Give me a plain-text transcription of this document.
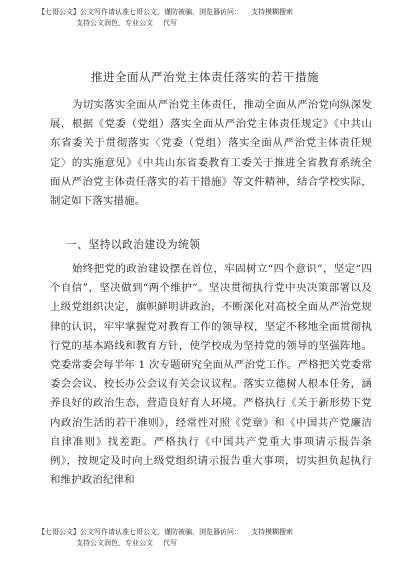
【七哥公文】公文写作请认准七哥公文，谨防被骗，浏览器访问： 支持模糊搜索
支持公文润色，专业公文 代写
推进全面从严治党主体责任落实的若干措施
为切实落实全面从严治党主体责任，推动全面从严治党向纵深发展，根据《党委（党组）落实全面从严治党主体责任规定》《中共山东省委关于贯彻落实〈党委（党组）落实全面从严治党主体责任规定〉的实施意见》《中共山东省委教育工委关于推进全省教育系统全面从严治党主体责任落实的若干措施》等文件精神，结合学校实际，制定如下落实措施。
一、坚持以政治建设为统领
始终把党的政治建设摆在首位，牢固树立“四个意识”，坚定“四个自信”，坚决做到“两个维护”。坚决贯彻执行党中央决策部署以及上级党组织决定，旗帜鲜明讲政治，不断深化对高校全面从严治党规律的认识，牢牢掌握党对教育工作的领导权，坚定不移地全面贯彻执行党的基本路线和教育方针，使学校成为坚持党的领导的坚强阵地。党委常委会每半年 1 次专题研究全面从严治党工作。严格把关党委常委会会议、校长办公会议有关会议议程。落实立德树人根本任务，涵养良好的政治生态，营造良好育人环境。严格执行《关于新形势下党内政治生活的若干准则》，经常性对照《党章》和《中国共产党廉洁自律准则》找差距。严格执行《中国共产党重大事项请示报告条例》，按规定及时向上级党组织请示报告重大事项，切实担负起执行和维护政治纪律和
【七哥公文】公文写作请认准七哥公文，谨防被骗，浏览器访问： 支持模糊搜索
支持公文润色，专业公文 代写
